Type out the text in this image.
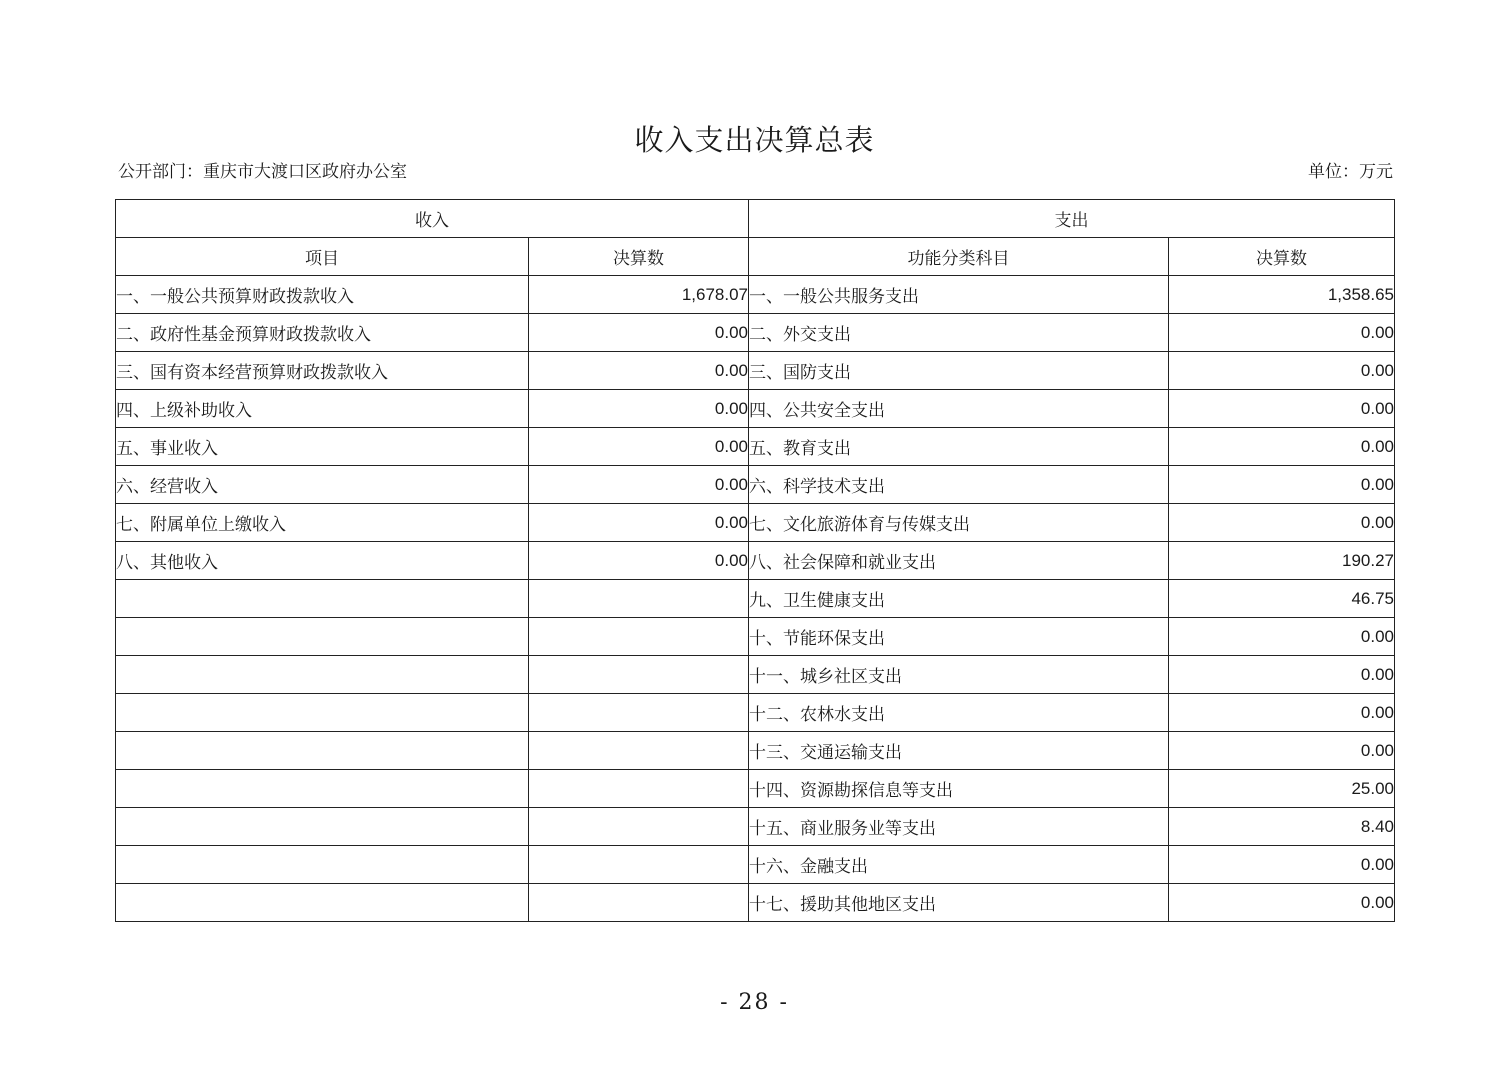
收入支出决算总表
公开部门：重庆市大渡口区政府办公室	单位：万元
收入		支出	
项目	决算数	功能分类科目	决算数
一、一般公共预算财政拨款收入	1,678.07	一、一般公共服务支出	1,358.65
二、政府性基金预算财政拨款收入	0.00	二、外交支出	0.00
三、国有资本经营预算财政拨款收入	0.00	三、国防支出	0.00
四、上级补助收入	0.00	四、公共安全支出	0.00
五、事业收入	0.00	五、教育支出	0.00
六、经营收入	0.00	六、科学技术支出	0.00
七、附属单位上缴收入	0.00	七、文化旅游体育与传媒支出	0.00
八、其他收入	0.00	八、社会保障和就业支出	190.27
		九、卫生健康支出	46.75
		十、节能环保支出	0.00
		十一、城乡社区支出	0.00
		十二、农林水支出	0.00
		十三、交通运输支出	0.00
		十四、资源勘探信息等支出	25.00
		十五、商业服务业等支出	8.40
		十六、金融支出	0.00
		十七、援助其他地区支出	0.00
- 28 -
